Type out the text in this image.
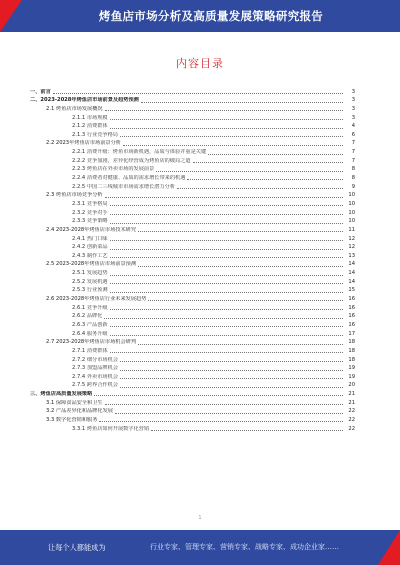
烤鱼店市场分析及高质量发展策略研究报告
内容目录
一、前言	3
二、2023-2028年烤鱼店市场前景及趋势预测	3
2.1 烤鱼店市场发展概况	3
2.1.1 市场规模	3
2.1.2 消费群体	4
2.1.3 行业竞争格局	6
2.2 2023年烤鱼店市场前景分析	7
2.2.1 消费升级：烤鱼市场新机遇，品质与体验并重是关键	7
2.2.2 竞争加剧，差异化经营成为烤鱼店的破局之道	7
2.2.3 烤鱼店在外卖市场的发展前景	8
2.2.4 消费者对健康、品质的需求增长带来的机遇	8
2.2.5 中国二三线城市市场需求增长潜力分析	9
2.3 烤鱼店市场竞争分析	10
2.3.1 竞争格局	10
2.3.2 竞争对手	10
2.3.3 竞争策略	10
2.4 2023-2028年烤鱼店市场技术研究	11
2.4.1 热门口味	12
2.4.2 创新菜品	12
2.4.3 制作工艺	13
2.5 2023-2028年烤鱼店市场前景预测	14
2.5.1 发展趋势	14
2.5.2 发展机遇	14
2.5.3 行业预测	15
2.6 2023-2028年烤鱼店行业未来发展趋势	16
2.6.1 竞争升级	16
2.6.2 品牌化	16
2.6.3 产品创新	16
2.6.4 服务升级	17
2.7 2023-2028年烤鱼店市场机会研判	18
2.7.1 消费群体	18
2.7.2 细分市场机会	18
2.7.3 加盟品牌机会	19
2.7.4 外卖市场机会	19
2.7.5 跨界合作机会	20
三、烤鱼店高质量发展策略	21
3.1 保障食品安全和卫生	21
3.2 产品差异化和品牌化发展	22
3.3 数字化营销和服务	22
3.3.1 烤鱼店如何开展数字化营销	22
1
让每个人都能成为	行业专家、管理专家、营销专家、战略专家、成功企业家……
